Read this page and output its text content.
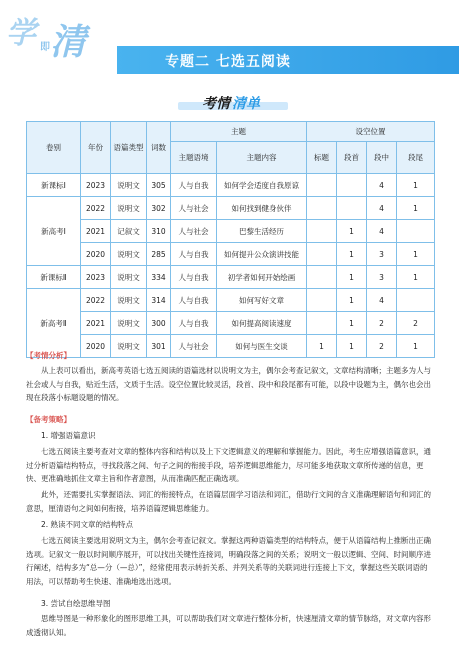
学 清
即
专题二 七选五阅读
考情 清单
卷别	年份	语篇类型	词数	主题		设空位置			
				主题语境	主题内容	标题	段首	段中	段尾
新课标Ⅰ	2023	说明文	305	人与自我	如何学会适度自我原谅			4	1
新高考Ⅰ	2022	说明文	302	人与社会	如何找到健身伙伴			4	1
	2021	记叙文	310	人与社会	巴黎生活经历		1	4	
	2020	说明文	285	人与自我	如何提升公众演讲技能		1	3	1
新课标Ⅱ	2023	说明文	334	人与自我	初学者如何开始绘画		1	3	1
新高考Ⅱ	2022	说明文	314	人与自我	如何写好文章		1	4	
	2021	说明文	300	人与自我	如何提高阅读速度		1	2	2
	2020	说明文	301	人与社会	如何与医生交谈	1	1	2	1
【考情分析】

从上表可以看出，新高考英语七选五阅读的语篇选材以说明文为主，偶尔会考查记叙文，文章结构清晰；主题多为人与社会或人与自我，贴近生活，文质于生活。设空位置比较灵活，段首、段中和段尾都有可能，以段中设题为主，偶尔也会出现在段落小标题设题的情况。

【备考策略】
1. 增强语篇意识

七选五阅读主要考查对文章的整体内容和结构以及上下文逻辑意义的理解和掌握能力。因此，考生应增强语篇意识，通过分析语篇结构特点，寻找段落之间、句子之间的衔接手段，培养逻辑思维能力，尽可能多地获取文章所传递的信息，更快、更准确地抓住文章主旨和作者意图，从而准确匹配正确选项。

此外，还需要扎实掌握语法、词汇的衔接特点，在语篇层面学习语法和词汇，借助行文间的含义准确理解语句和词汇的意思，厘清语句之间如何衔接，培养语篇逻辑思维能力。

2. 熟读不同文章的结构特点

七选五阅读主要选用说明文为主，偶尔会考查记叙文。掌握这两种语篇类型的结构特点，便于从语篇结构上推断出正确选项。记叙文一般以时间顺序展开，可以找出关键性连接词，明确段落之间的关系；说明文一般以逻辑、空间、时间顺序进行阐述，结构多为“总—分（—总）”，经常使用表示转折关系、并列关系等的关联词进行连接上下文，掌握这些关联词语的用法，可以帮助考生快速、准确地选出选项。

3. 尝试自绘思维导图

思维导图是一种形象化的图形思维工具，可以帮助我们对文章进行整体分析，快速厘清文章的情节脉络，对文章内容形成透彻认知。
